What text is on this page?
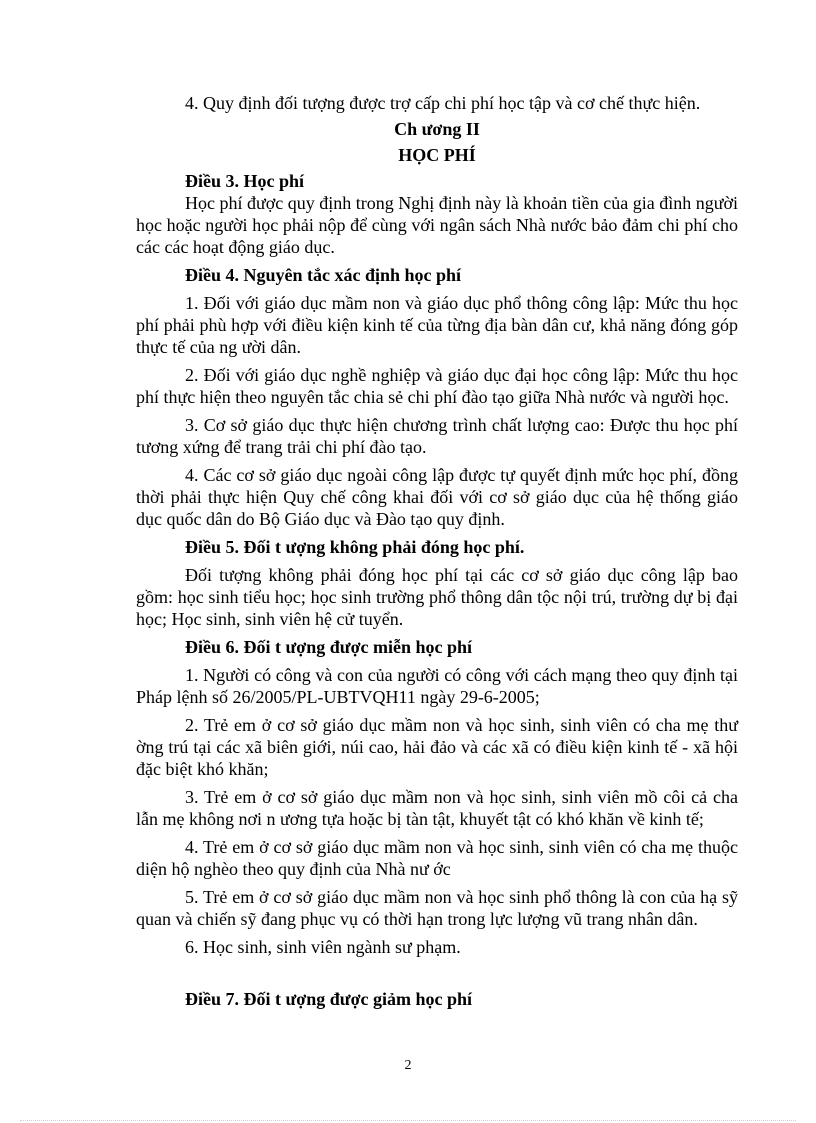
4. Quy định đối tượng được trợ cấp chi phí học tập và cơ chế thực hiện.

Ch ương II

HỌC PHÍ

Điều 3. Học phí

Học phí được quy định trong Nghị định này là khoản tiền của gia đình người học hoặc người học phải nộp để cùng với ngân sách Nhà nước bảo đảm chi phí cho các các hoạt động giáo dục.

Điều 4. Nguyên tắc xác định học phí

1. Đối với giáo dục mầm non và giáo dục phổ thông công lập: Mức thu học phí phải phù hợp với điều kiện kinh tế của từng địa bàn dân cư, khả năng đóng góp thực tế của ng ười dân.

2. Đối với giáo dục nghề nghiệp và giáo dục đại học công lập: Mức thu học phí thực hiện theo nguyên tắc chia sẻ chi phí đào tạo giữa Nhà nước và người học.

3. Cơ sở giáo dục thực hiện chương trình chất lượng cao: Được thu học phí tương xứng để trang trải chi phí đào tạo.

4. Các cơ sở giáo dục ngoài công lập được tự quyết định mức học phí, đồng thời phải thực hiện Quy chế công khai đối với cơ sở giáo dục của hệ thống giáo dục quốc dân do Bộ Giáo dục và Đào tạo quy định.

Điều 5. Đối t ượng không phải đóng học phí.

Đối tượng không phải đóng học phí tại các cơ sở giáo dục công lập bao gồm: học sinh tiểu học; học sinh trường phổ thông dân tộc nội trú, trường dự bị đại học; Học sinh, sinh viên hệ cử tuyển.

Điều 6. Đối t ượng được miễn học phí

1. Người có công và con của người có công với cách mạng theo quy định tại Pháp lệnh số 26/2005/PL-UBTVQH11 ngày 29-6-2005;

2. Trẻ em ở cơ sở giáo dục mầm non và học sinh, sinh viên có cha mẹ thư ờng trú tại các xã biên giới, núi cao, hải đảo và các xã có điều kiện kinh tế - xã hội đặc biệt khó khăn;

3. Trẻ em ở cơ sở giáo dục mầm non và học sinh, sinh viên mồ côi cả cha lẫn mẹ không nơi n ương tựa hoặc bị tàn tật, khuyết tật có khó khăn về kinh tế;

4. Trẻ em ở cơ sở giáo dục mầm non và học sinh, sinh viên có cha mẹ thuộc diện hộ nghèo theo quy định của Nhà nư ớc

5. Trẻ em ở cơ sở giáo dục mầm non và học sinh phổ thông là con của hạ sỹ quan và chiến sỹ đang phục vụ có thời hạn trong lực lượng vũ trang nhân dân.

6. Học sinh, sinh viên ngành sư phạm.

Điều 7. Đối t ượng được giảm học phí

2
